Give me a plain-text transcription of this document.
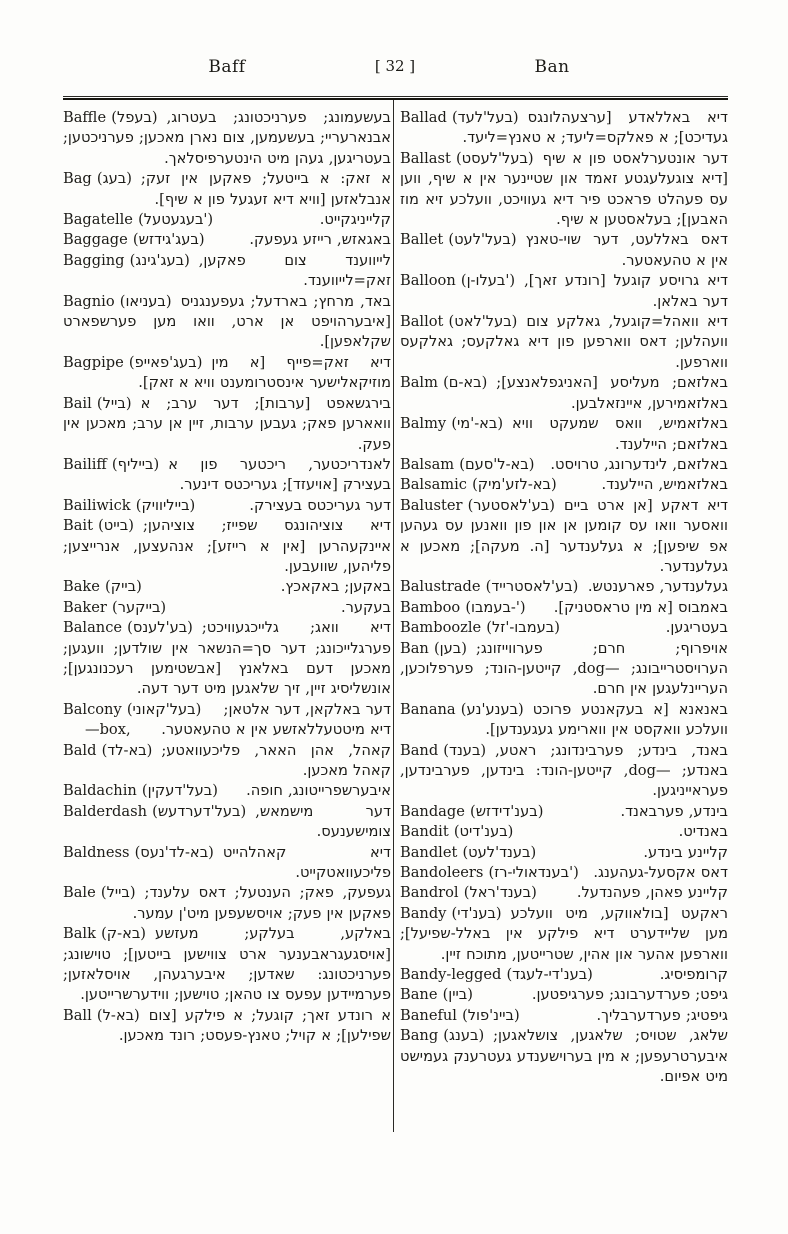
Baff	[ 32 ]	Ban

Baffle (בעפל) בעשעמונג; פערניכטונג; בעטרוג, אבנארעריי; בעשעמען, צום נארן מאכען; פערניכטען; בעטריגען, געהן מיט הינטערפיסלאך.

Bag (בעג) א זאק: א בייטעל; פאקען אין זעק; אנבלאזען [וויא דיא זעגעל פון א שיף].

Bagatelle (בעגעטעל')	קלייניגקייט.

Baggage (בעג'גידזש)	באגאזש, רייזע געפעק.

Bagging (בעג'גינג) לייווענד צום פאקען, זאק=לייווענד.

Bagnio (בעניאו) באד, מרחץ; בארדעל; געפענגניס [איבערהויפט אן ארט, וואו מען פערשפארט שקלאפען].

Bagpipe (בעג'פאייפ) דיא זאק=פייף [א מין מוזיקאלישער אינסטרומענט וויא א זאק].

Bail (בייל) בירגשאפט [ערבות]; דער ערב; א וואארען פאק; געבען ערבות, זיין אן ערב; מאכען אין פעק.

Bailiff (בייליף) לאנדריכטער, ריכטער פון א בעצירק [אויעזד]; געריכטס דינער.

Bailiwick (בייליוויק)	דער געריכטס בעצירק.

Bait (בייט) דיא צוציהונגס שפייז; צוציהען; איינקעהרען [אין א רייזע]; אנהעצען, אנרייצען; פליהען, שוועבען.

Bake (בייק)	באקען; באקאכץ.

Baker (בייקער)	בעקער.

Balance (בע'לענס) דיא וואג; גלייכגעוויכט; פערגלייכונג; דער סך=הנשאר אין שולדען; וועגען; מאכען דעם באלאנץ [אבשטימען רעכנונגען]; אונשליסיג זיין, זיך שלאגען מיט דער דעה.

Balcony (בעל'קאוני)	דער באלקאן, דער אלטאן;

—box,	דיא מיטטעללאזשע אין א טהעאטער.

Bald (בא-לד) קאהל, אהן האאר, פליכעוואטע; קאהל מאכען.

Baldachin (בעל'דעקין)	איבערשפרייטונג, חופה.

Balderdash (בעל'דערדעש) דער מישמאש, צומישענעס.

Baldness (בא-לד'נעס) דיא קאהלהייט פליכעוואטקייט.

Bale (בייל) געפעק, פאק; הענטעל; דאס עלענד; פאקען אין פעק; אויסשעפען מיט'ן עמער.

Balk (בא-ק) באלקע, בעלקע; מעזשע [אויסגעגראבענער ארט צווישען בייטען]; טוישונג; פערניכטונג: שאדען; איבערגעהן, אויסלאזען; פערמיידען עפעס צו טהאן; טוישען; ווידערשרייטען.

Ball (בא-ל) א רונדע זאך; קוגעל; א פילקע [צום שפילען]; א קויל; טאנץ-פעסט; רונד מאכען.

Ballad (בעל'לעד) דיא באללאדע [ערצעהלונגס געדיכט]; א פאלקס=ליעד; א טאנץ=ליעד.

Ballast (בעל'לעסט) דער אונטערלאסט פון א שיף [דיא צוגעלעגטע זאמד און שטיינער אין א שיף, ווען עס פעהלט פראכט פיר דיא געוויכט, וועלכע זיא מוז האבען]; בעלאסטען א שיף.

Ballet (בעל'לעט) דאס באללעט, דער שוי-טאנץ אין א טהעאטער.

Balloon (בעלו-ן') דיא גרויסע קוגעל [רונדע זאך], דער באלאן.

Ballot (בעל'לאט) דיא וואהל=קוגעל, גאלקע צום וועהלען; דאס ווארפען פון דיא גאלקעס; גאלקעס ווארפען.

Balm (בא-ם) באלזאם; מעליסע [האניגפלאנצע]; באלזאמירען, איינזאלבען.

Balmy (בא-'מי) באלזאמיש, וואס שמעקט וויא באלזאם; היילענד.

Balsam (בא-ל'סעם)	באלזאם, לינדערונג, טרויסט.

Balsamic (בא-לזע'מיק)	באלזאמיש, היילענד.

Baluster (בע'לאסטער) דיא דאקע [אן ארט ביים וואסער וואו עס קומען אן און פון וואנען עס געהען אפ שיפען]; א געלענדער [ה. מעקה]; מאכען א געלענדער.

Balustrade (בע'לאסטרייד) געלענדער, פארענטש.

Bamboo (בעמבו-')	באמבוס [א מין טראסטניק].

Bamboozle (בעמבו-'זל)	בעטריגען.

Ban (בען) אויפרוף; חרם; פערווייזונג; הערויסטרייבונג; —dog, קייטען-הונד; פערפלוכען, העריינלעגען אין חרם.

Banana (בענע'נע) באנאנא [א בעקאנטע פרוכט וועלכע וואקסט אין ווארימע געגענדען].

Band (בענד) באנד, בינדע; פערבינדונג; ראטע, באנדע; —dog, קייטען-הונד: בינדען, פערבינדען, פעראייניגען.

Bandage (בענ'דידזש)	בינדע, פערבאנד.

Bandit (בענ'דיט)	באנדיט.

Bandlet (בענד'לעט)	קליינע בינדע.

Bandoleers (בענדאולי-רז') דאס אקסעל-געהענג.

Bandrol (בענד'ראל)	קליינע פאהן, פעהנדעל.

Bandy (בענ'די) ראקעט [בולאווקע, מיט וועלכע מען שליידערט דיא פילקע אין באלל-שפיעל]; ווארפען אהער און אהין, שטרייטען, מתוכח זיין.

Bandy-legged (בענ'די-לעגד)	קרומפיסיג.

Bane (ביין)	גיפט; פערדערבונג; פערגיפטען.

Baneful (ביינ'פול)	גיפטיג; פערדערבליך.

Bang (בענג) שלאג, שטויס; שלאגען, צושלאגען; איבערטרעפען; א מין בערוישענדע געטרענק געמישט מיט אפיום.
